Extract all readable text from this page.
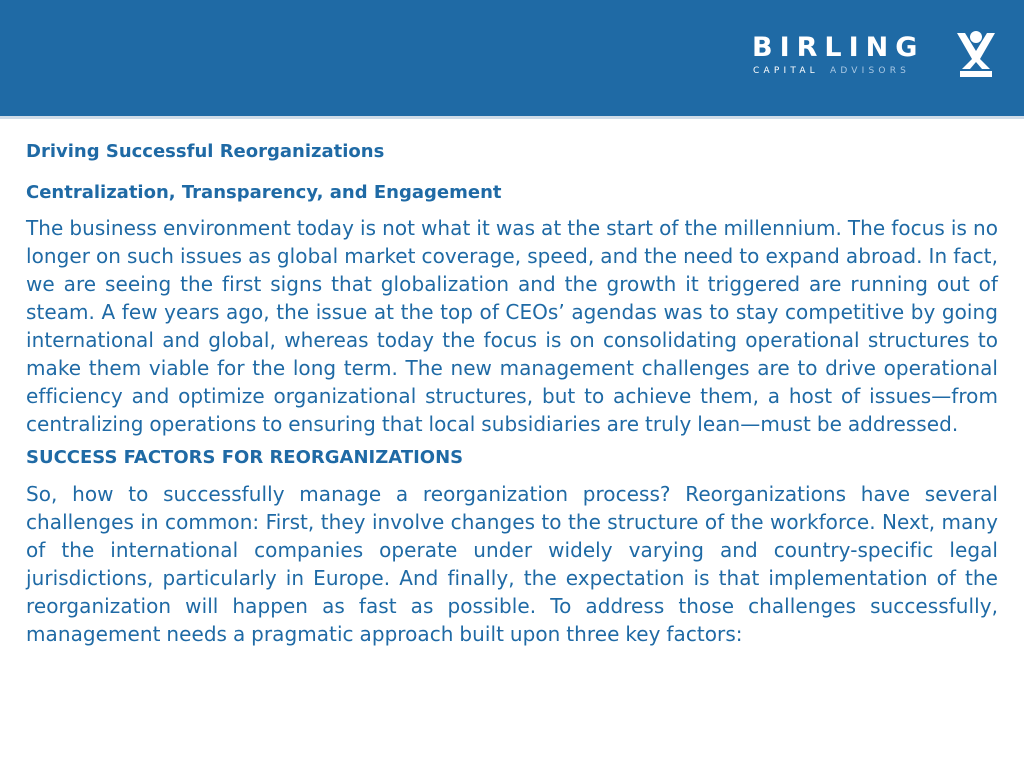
BIRLING
CAPITAL ADVISORS
Driving Successful Reorganizations
Centralization, Transparency, and Engagement

The business environment today is not what it was at the start of the millennium. The focus is no longer on such issues as global market coverage, speed, and the need to expand abroad. In fact, we are seeing the first signs that globalization and the growth it triggered are running out of steam. A few years ago, the issue at the top of CEOs’ agendas was to stay competitive by going international and global, whereas today the focus is on consolidating operational structures to make them viable for the long term. The new management challenges are to drive operational efficiency and optimize organizational structures, but to achieve them, a host of issues—from centralizing operations to ensuring that local subsidiaries are truly lean—must be addressed.

SUCCESS FACTORS FOR REORGANIZATIONS

So, how to successfully manage a reorganization process? Reorganizations have several challenges in common: First, they involve changes to the structure of the workforce. Next, many of the international companies operate under widely varying and country-specific legal jurisdictions, particularly in Europe. And finally, the expectation is that implementation of the reorganization will happen as fast as possible. To address those challenges successfully, management needs a pragmatic approach built upon three key factors:
